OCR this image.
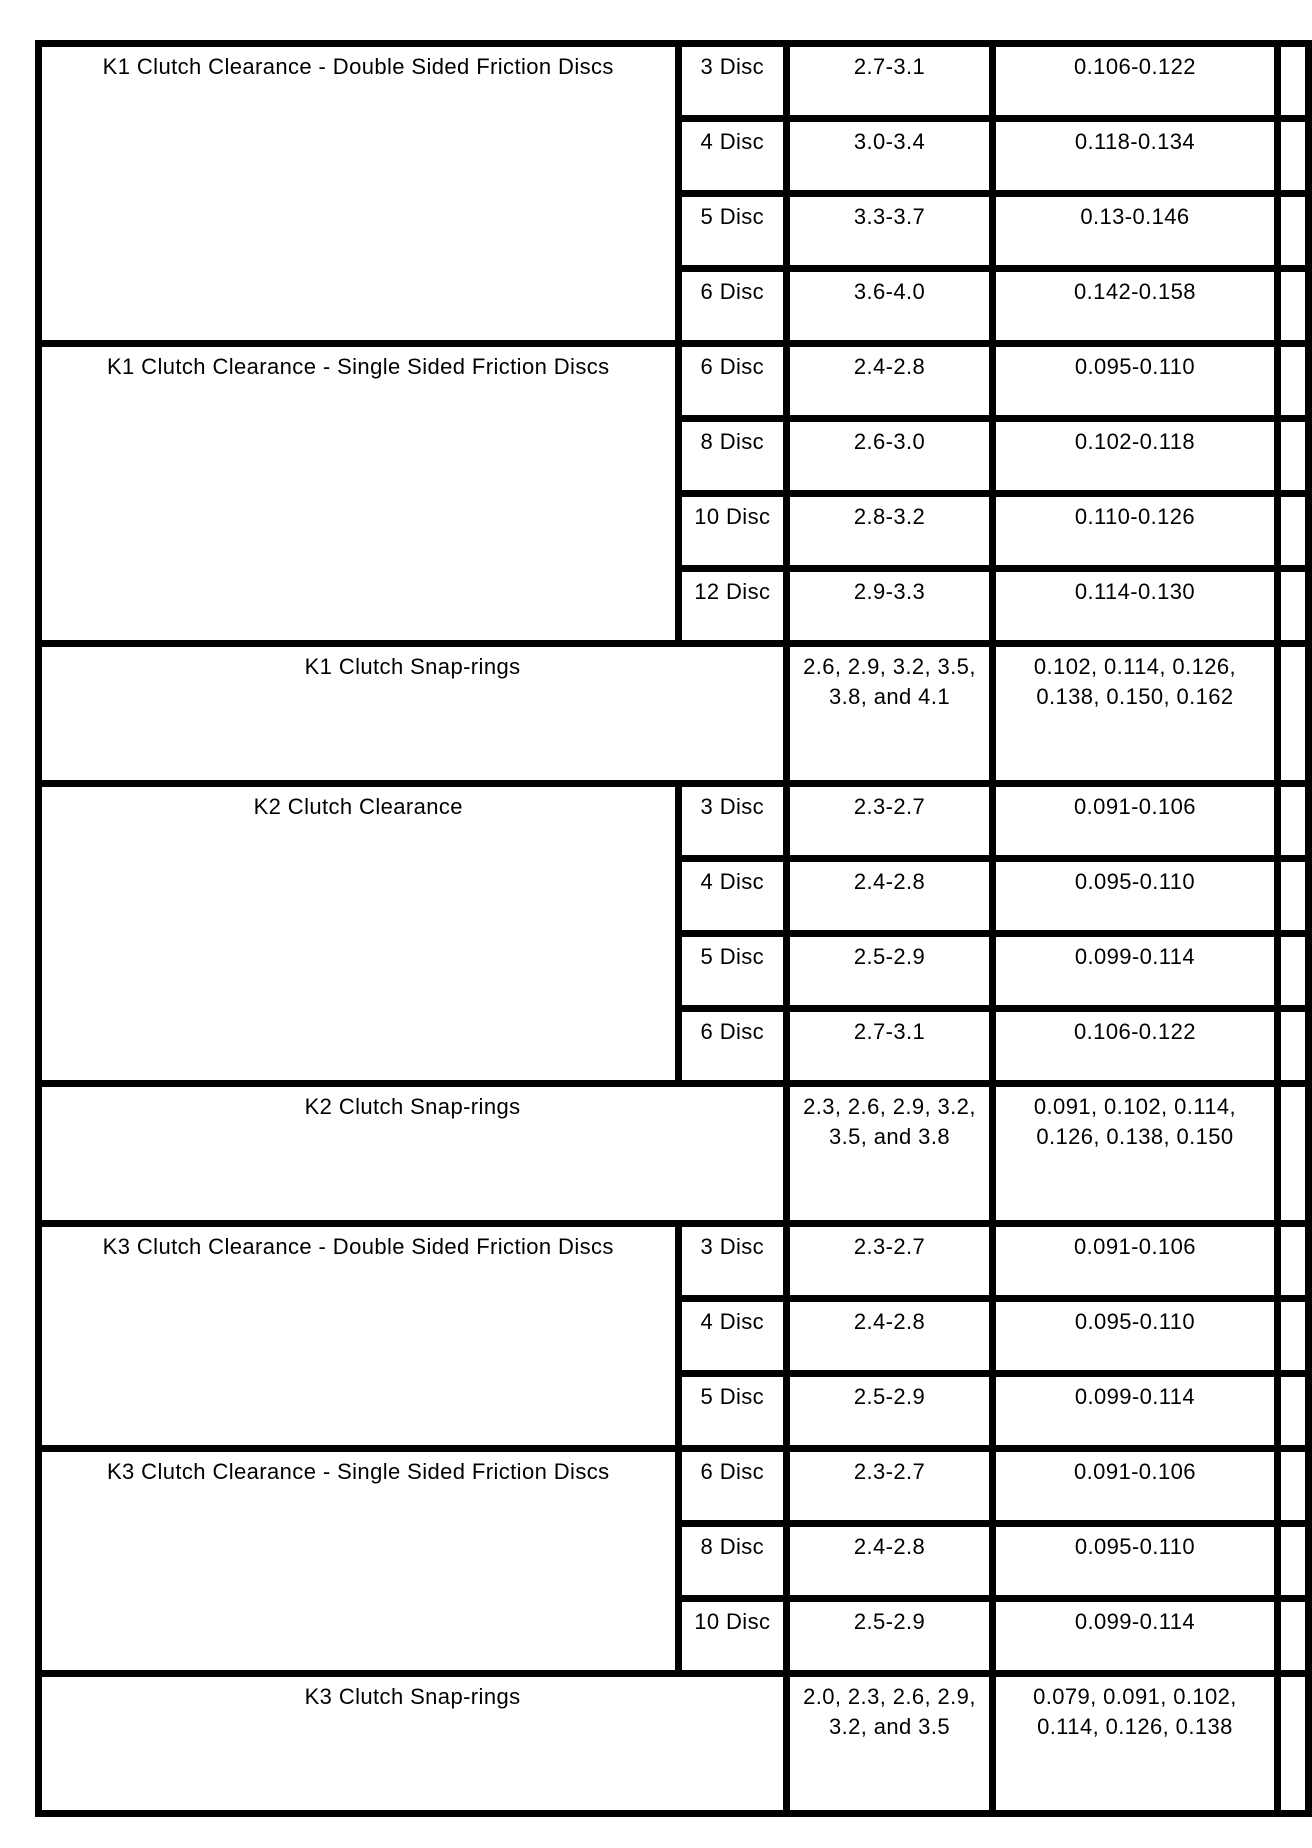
K1 Clutch Clearance - Double Sided Friction Discs	3 Disc	2.7-3.1	0.106-0.122	
	4 Disc	3.0-3.4	0.118-0.134	
	5 Disc	3.3-3.7	0.13-0.146	
	6 Disc	3.6-4.0	0.142-0.158	
K1 Clutch Clearance - Single Sided Friction Discs	6 Disc	2.4-2.8	0.095-0.110	
	8 Disc	2.6-3.0	0.102-0.118	
	10 Disc	2.8-3.2	0.110-0.126	
	12 Disc	2.9-3.3	0.114-0.130	
K1 Clutch Snap-rings		2.6, 2.9, 3.2, 3.5, 3.8, and 4.1	0.102, 0.114, 0.126, 0.138, 0.150, 0.162	
K2 Clutch Clearance	3 Disc	2.3-2.7	0.091-0.106	
	4 Disc	2.4-2.8	0.095-0.110	
	5 Disc	2.5-2.9	0.099-0.114	
	6 Disc	2.7-3.1	0.106-0.122	
K2 Clutch Snap-rings		2.3, 2.6, 2.9, 3.2, 3.5, and 3.8	0.091, 0.102, 0.114, 0.126, 0.138, 0.150	
K3 Clutch Clearance - Double Sided Friction Discs	3 Disc	2.3-2.7	0.091-0.106	
	4 Disc	2.4-2.8	0.095-0.110	
	5 Disc	2.5-2.9	0.099-0.114	
K3 Clutch Clearance - Single Sided Friction Discs	6 Disc	2.3-2.7	0.091-0.106	
	8 Disc	2.4-2.8	0.095-0.110	
	10 Disc	2.5-2.9	0.099-0.114	
K3 Clutch Snap-rings		2.0, 2.3, 2.6, 2.9, 3.2, and 3.5	0.079, 0.091, 0.102, 0.114, 0.126, 0.138	
